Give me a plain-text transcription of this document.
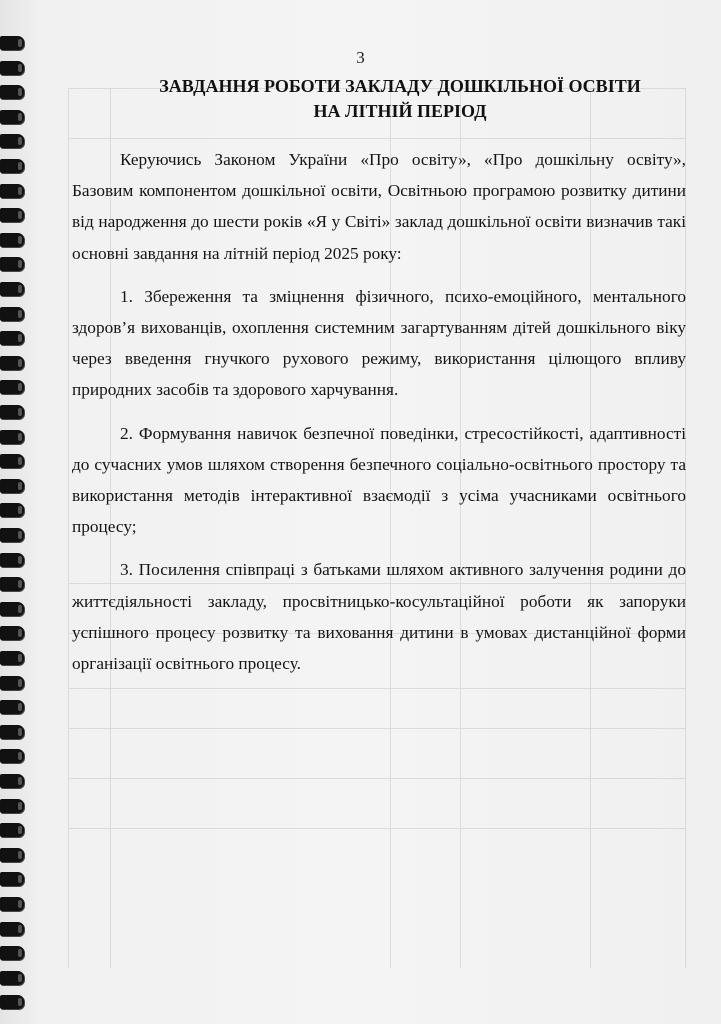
3
ЗАВДАННЯ РОБОТИ ЗАКЛАДУ ДОШКІЛЬНОЇ ОСВІТИ
НА ЛІТНІЙ ПЕРІОД

Керуючись Законом України «Про освіту», «Про дошкільну освіту», Базовим компонентом дошкільної освіти, Освітньою програмою розвитку дитини від народження до шести років «Я у Світі» заклад дошкільної освіти визначив такі основні завдання на літній період 2025 року:

1. Збереження та зміцнення фізичного, психо-емоційного, ментального здоров’я вихованців, охоплення системним загартуванням дітей дошкільного віку через введення гнучкого рухового режиму, використання цілющого впливу природних засобів та здорового харчування.

2. Формування навичок безпечної поведінки, стресостійкості, адаптивності до сучасних умов шляхом створення безпечного соціально-освітнього простору та використання методів інтерактивної взаємодії з усіма учасниками освітнього процесу;

3. Посилення співпраці з батьками шляхом активного залучення родини до життєдіяльності закладу, просвітницько-косультаційної роботи як запоруки успішного процесу розвитку та виховання дитини в умовах дистанційної форми організації освітнього процесу.
